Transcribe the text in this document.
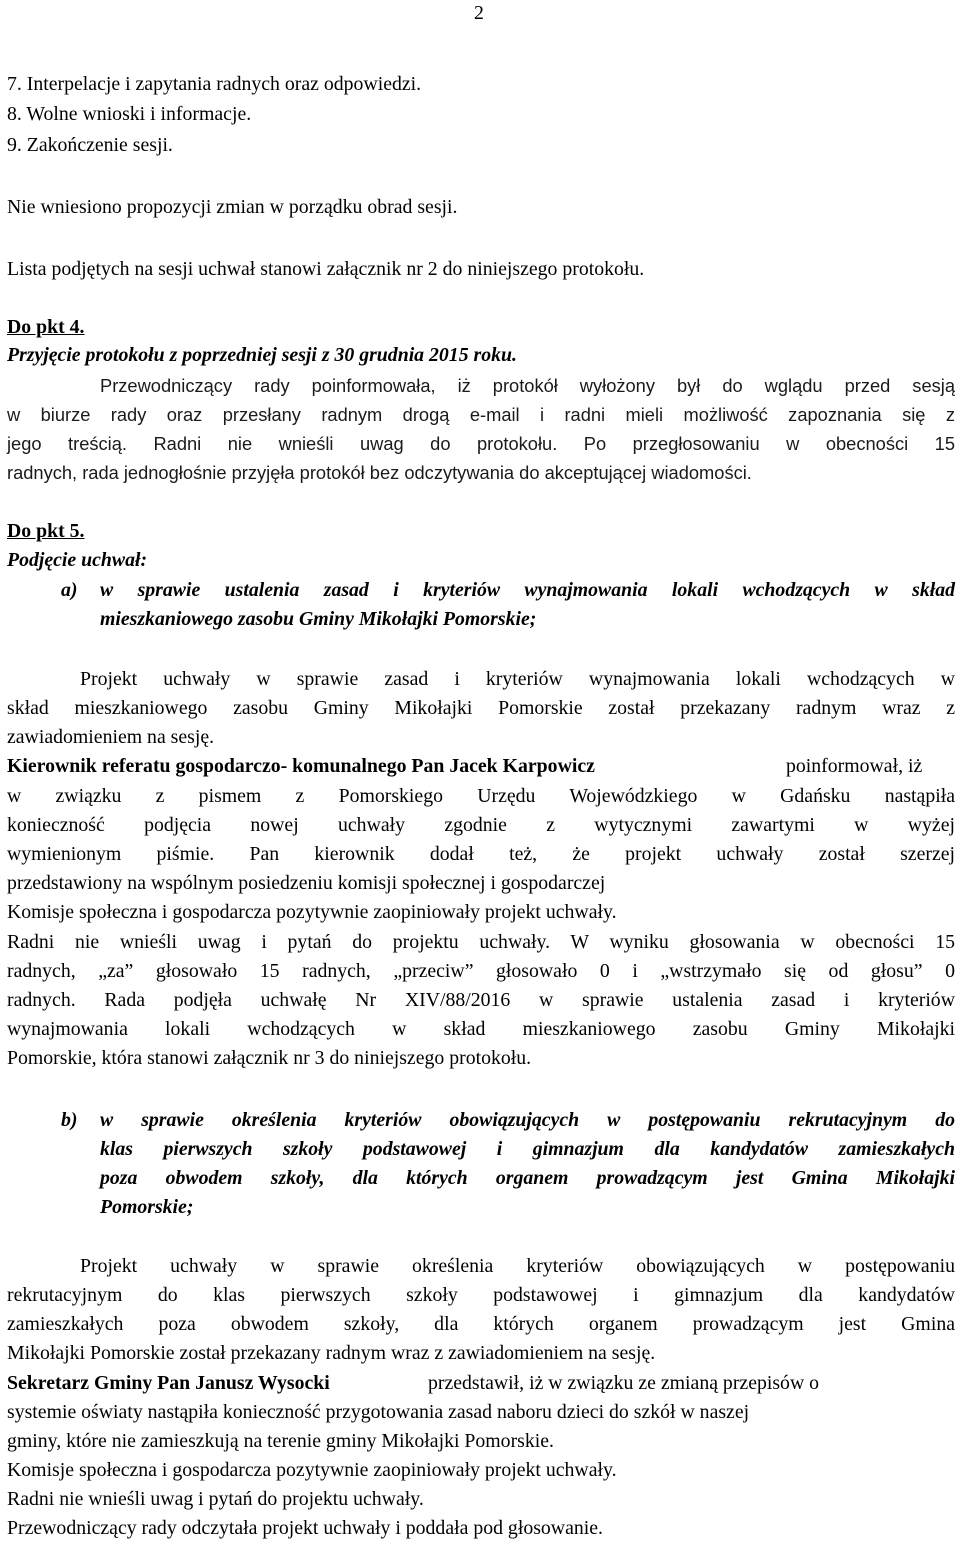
2
7. Interpelacje i zapytania radnych oraz odpowiedzi.
8. Wolne wnioski i informacje.
9. Zakończenie sesji.
Nie wniesiono propozycji zmian w porządku obrad sesji.
Lista podjętych na sesji uchwał stanowi załącznik nr 2 do niniejszego protokołu.
Do pkt 4.
Przyjęcie protokołu z poprzedniej sesji z 30 grudnia 2015 roku.
Przewodniczący rady poinformowała, iż protokół wyłożony był do wglądu przed sesją
w biurze rady oraz przesłany radnym drogą e-mail i radni mieli możliwość zapoznania się z
jego treścią. Radni nie wnieśli uwag do protokołu. Po przegłosowaniu w obecności 15
radnych, rada jednogłośnie przyjęła protokół bez odczytywania do akceptującej wiadomości.
Do pkt 5.
Podjęcie uchwał:
a) w sprawie ustalenia zasad i kryteriów wynajmowania lokali wchodzących w skład
mieszkaniowego zasobu Gminy Mikołajki Pomorskie;
Projekt uchwały w sprawie zasad i kryteriów wynajmowania lokali wchodzących w
skład mieszkaniowego zasobu Gminy Mikołajki Pomorskie został przekazany radnym wraz z
zawiadomieniem na sesję.
Kierownik referatu gospodarczo- komunalnego Pan Jacek Karpowicz	poinformował, iż
w związku z pismem z Pomorskiego Urzędu Wojewódzkiego w Gdańsku nastąpiła
konieczność podjęcia nowej uchwały zgodnie z wytycznymi zawartymi w wyżej
wymienionym piśmie. Pan kierownik dodał też, że projekt uchwały został szerzej
przedstawiony na wspólnym posiedzeniu komisji społecznej i gospodarczej
Komisje społeczna i gospodarcza pozytywnie zaopiniowały projekt uchwały.
Radni nie wnieśli uwag i pytań do projektu uchwały. W wyniku głosowania w obecności 15
radnych, „za” głosowało 15 radnych, „przeciw” głosowało 0 i „wstrzymało się od głosu” 0
radnych. Rada podjęła uchwałę Nr XIV/88/2016 w sprawie ustalenia zasad i kryteriów
wynajmowania lokali wchodzących w skład mieszkaniowego zasobu Gminy Mikołajki
Pomorskie, która stanowi załącznik nr 3 do niniejszego protokołu.
b) w sprawie określenia kryteriów obowiązujących w postępowaniu rekrutacyjnym do
klas pierwszych szkoły podstawowej i gimnazjum dla kandydatów zamieszkałych
poza obwodem szkoły, dla których organem prowadzącym jest Gmina Mikołajki
Pomorskie;
Projekt uchwały w sprawie określenia kryteriów obowiązujących w postępowaniu
rekrutacyjnym do klas pierwszych szkoły podstawowej i gimnazjum dla kandydatów
zamieszkałych poza obwodem szkoły, dla których organem prowadzącym jest Gmina
Mikołajki Pomorskie został przekazany radnym wraz z zawiadomieniem na sesję.
Sekretarz Gminy Pan Janusz Wysocki	przedstawił, iż w związku ze zmianą przepisów o
systemie oświaty nastąpiła konieczność przygotowania zasad naboru dzieci do szkół w naszej
gminy, które nie zamieszkują na terenie gminy Mikołajki Pomorskie.
Komisje społeczna i gospodarcza pozytywnie zaopiniowały projekt uchwały.
Radni nie wnieśli uwag i pytań do projektu uchwały.
Przewodniczący rady odczytała projekt uchwały i poddała pod głosowanie.
